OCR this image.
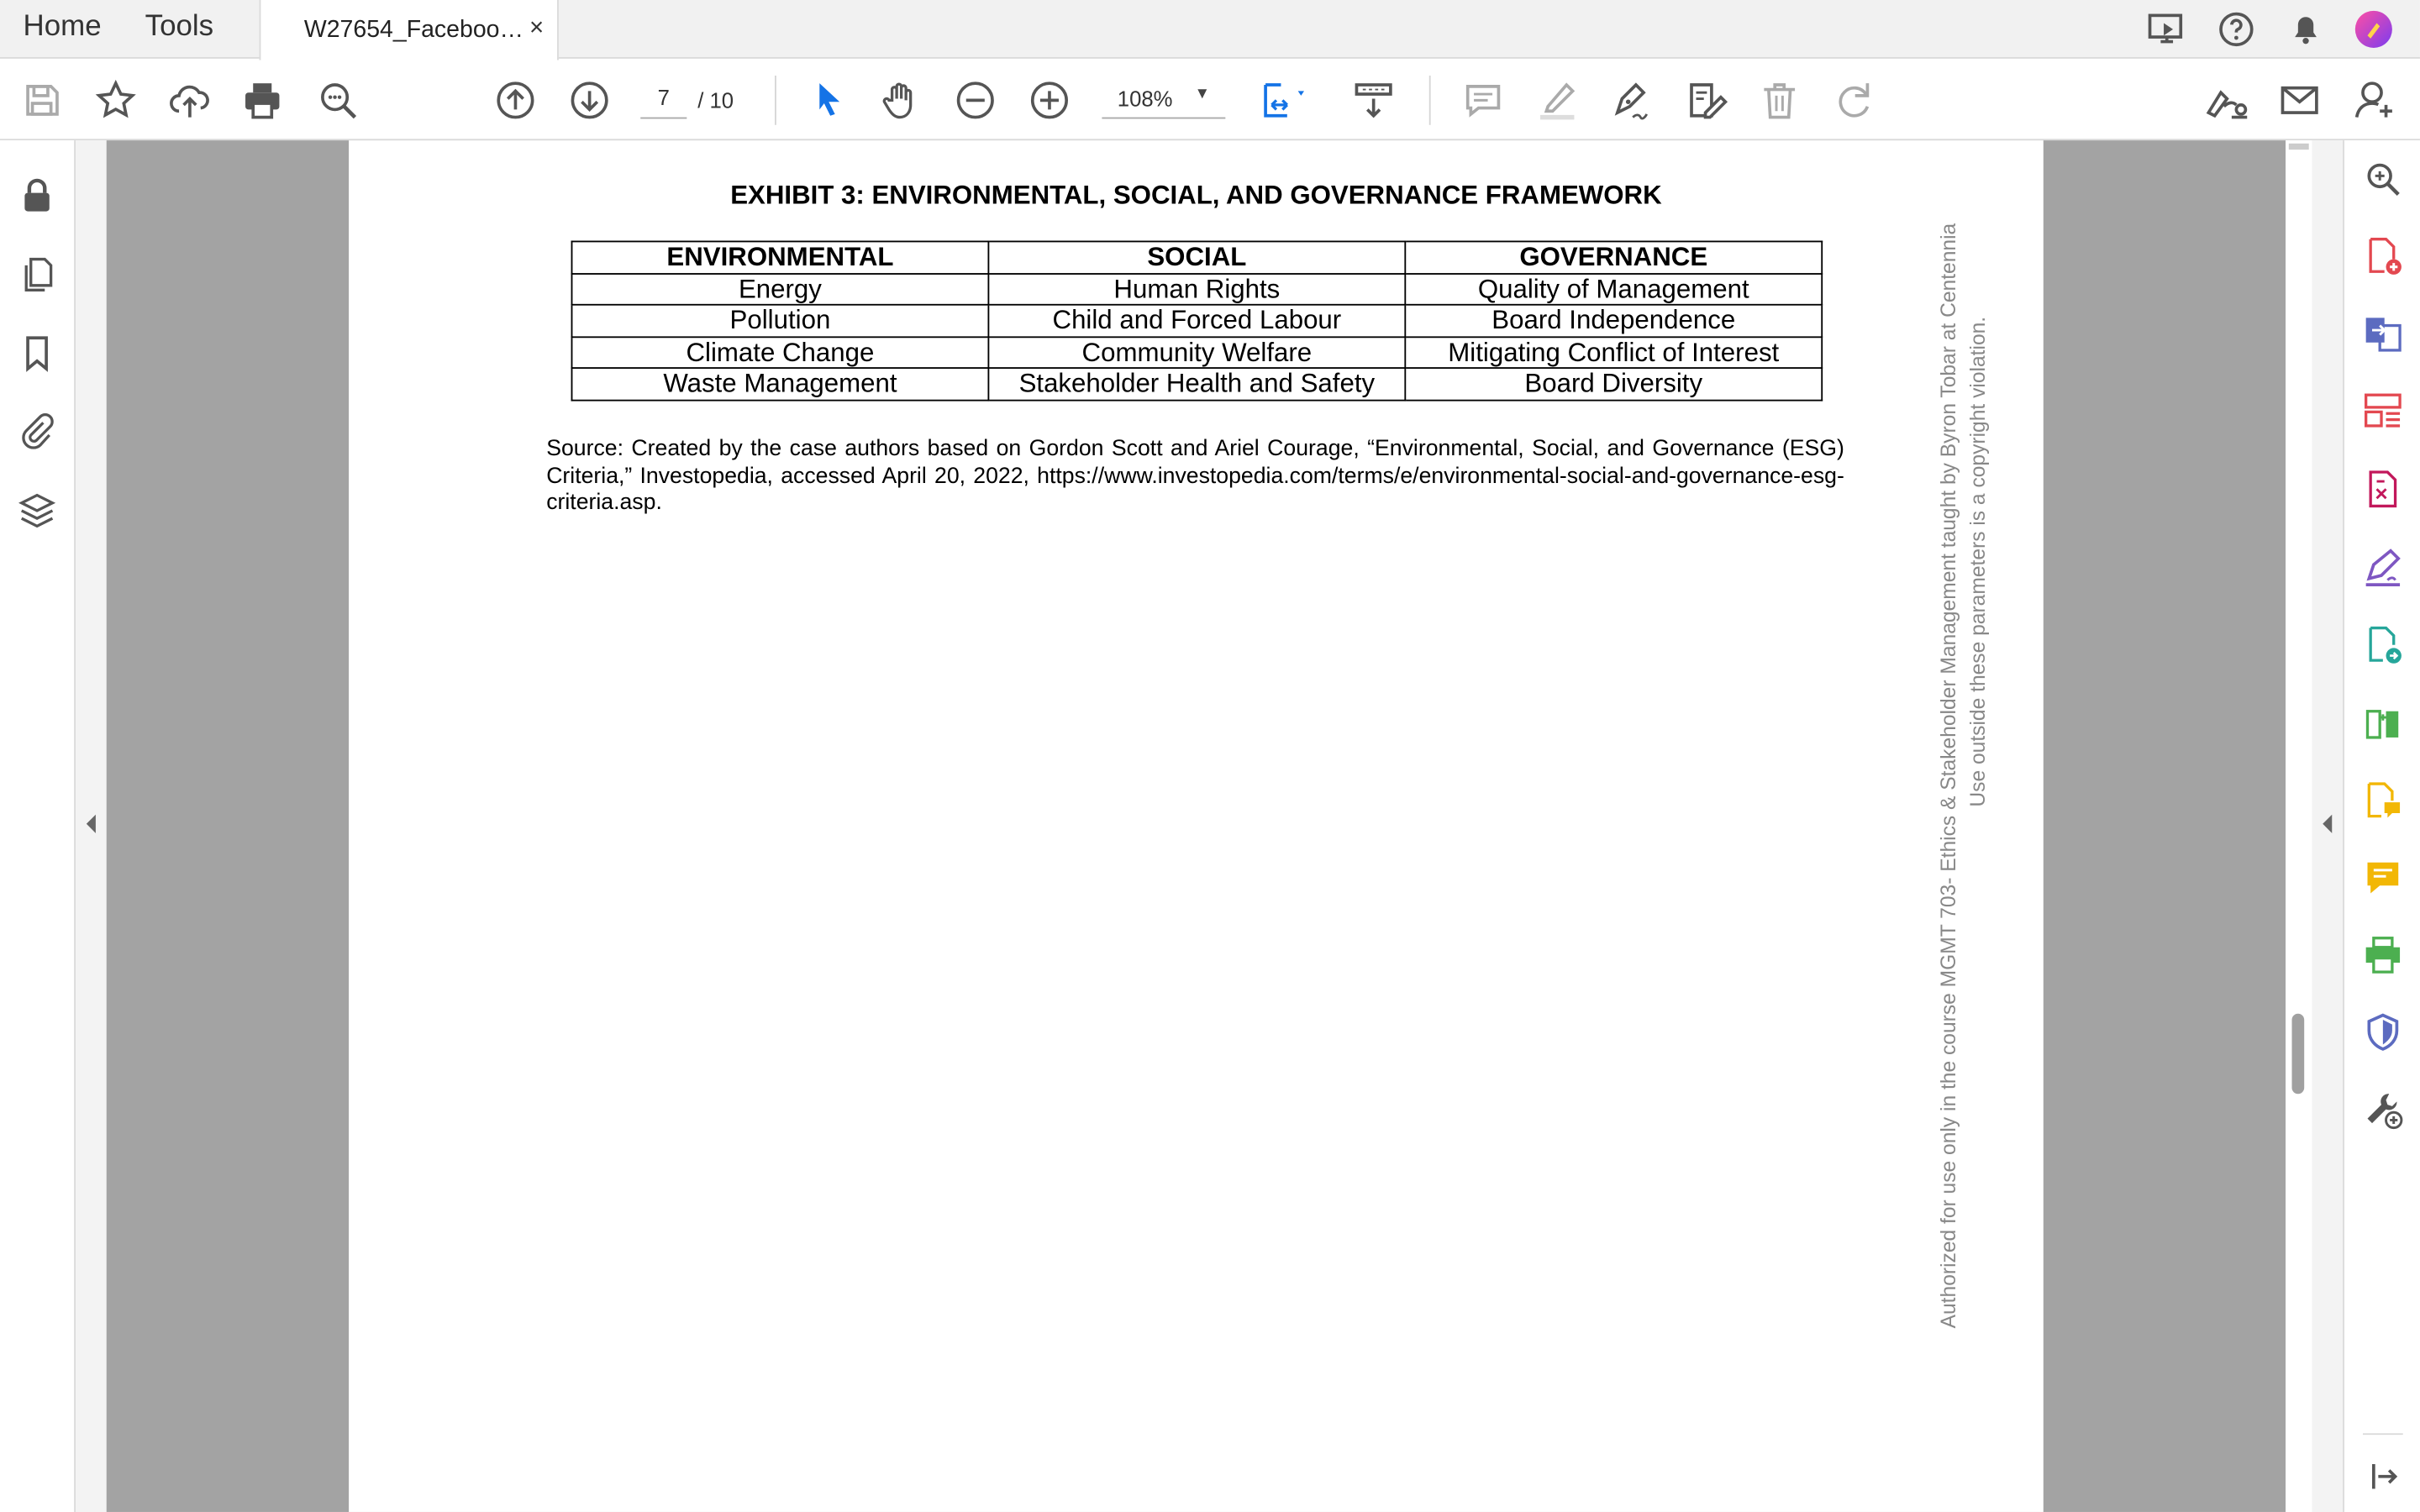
Home	Tools	W27654_Faceboo… ×
7	/ 10	108% ▾
EXHIBIT 3: ENVIRONMENTAL, SOCIAL, AND GOVERNANCE FRAMEWORK
ENVIRONMENTAL	SOCIAL	GOVERNANCE
Energy	Human Rights	Quality of Management
Pollution	Child and Forced Labour	Board Independence
Climate Change	Community Welfare	Mitigating Conflict of Interest
Waste Management	Stakeholder Health and Safety	Board Diversity

Source: Created by the case authors based on Gordon Scott and Ariel Courage, “Environmental, Social, and Governance (ESG) Criteria,” Investopedia, accessed April 20, 2022, https://www.investopedia.com/terms/e/environmental-social-and-governance-esg-criteria.asp.	Authorized for use only in the course MGMT 703- Ethics & Stakeholder Management taught by Byron Tobar at Centennia Use outside these parameters is a copyright violation.
